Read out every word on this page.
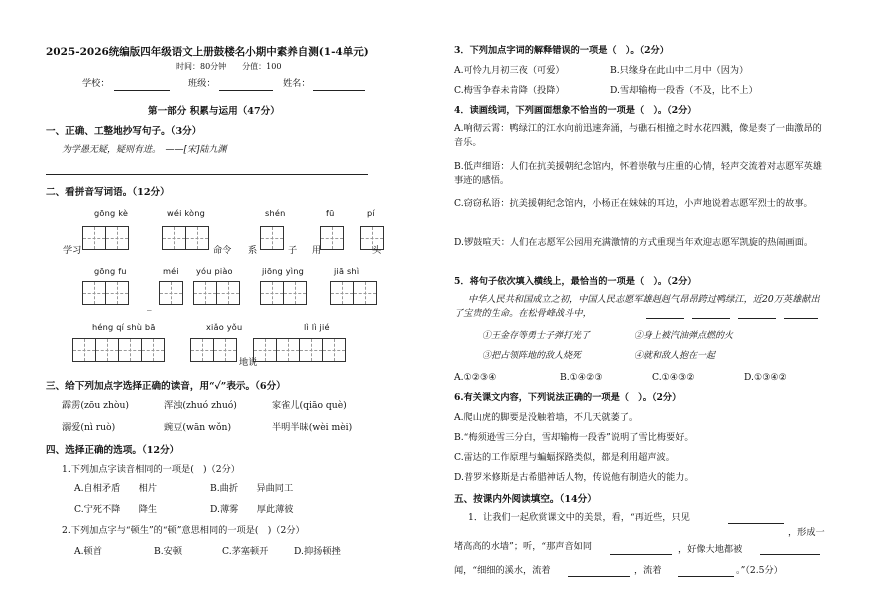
2025-2026统编版四年级语文上册鼓楼名小期中素养自测(1-4单元)
时间：80分钟　　分值：100
学校：	班级：	姓名：
第一部分 积累与运用（47分）
一、正确、工整地抄写句子。（3分）
为学愚无疑，疑则有进。　——[宋]陆九渊
二、看拼音写词语。（12分）
gōng kè	wéi kòng	shén	fū	pí
学习	命令 系	子 用	头
gōng fu	méi yóu piào	jiōng yìng	jiā shì
_
héng qí shù bā	xiǎo yǒu	lì lì jié
地说
三、给下列加点字选择正确的读音，用“✓”表示。（6分）
霹雳(zōu zhòu)	浑浊(zhuó zhuó)	家雀儿(qiāo què)
溺爱(nì ruò)	豌豆(wān wǒn)	半明半昧(wèi mèi)
四、选择正确的选项。（12分）
1.下列加点字读音相同的一项是(　)（2分）
A.自相矛盾　　相片	B.曲折　　异曲同工
C.宁死不降　　降生	D.薄雾　　厚此薄彼
2.下列加点字与“顿生”的“顿”意思相同的一项是(　)（2分）
A.顿首	B.安顿	C.茅塞顿开	D.抑扬顿挫
3．下列加点字词的解释错误的一项是（　）。（2分）
A.可怜九月初三夜（可爱）	B.只缘身在此山中二月中（因为）
C.梅雪争春未肯降（投降）	D.雪却输梅一段香（不及，比不上）
4．读画线词，下列画面想象不恰当的一项是（　）。（2分）
A.响彻云霄：鸭绿江的江水向前迅速奔涌，与礁石相撞之时水花四溅，像是奏了一曲激昂的音乐。
B.低声细语：人们在抗美援朝纪念馆内，怀着崇敬与庄重的心情，轻声交流着对志愿军英雄事迹的感悟。
C.窃窃私语：抗美援朝纪念馆内，小杨正在妹妹的耳边，小声地说着志愿军烈士的故事。
D.锣鼓喧天：人们在志愿军公园用充满激情的方式重现当年欢迎志愿军凯旋的热闹画面。
5．将句子依次填入横线上，最恰当的一项是（　）。（2分）
中华人民共和国成立之初，中国人民志愿军雄赳赳气昂昂跨过鸭绿江，近20万英雄献出了宝贵的生命。在松骨峰战斗中，
①王金存等勇士子弹打光了	②身上被汽油弹点燃的火
③把占领阵地的敌人烧死	④就和敌人抱在一起
A.①②③④	B.①④②③	C.①④③②	D.①③④②
6.有关课文内容，下列说法正确的一项是（　）。（2分）
A.爬山虎的脚要是没触着墙，不几天就萎了。
B.“梅须逊雪三分白，雪却输梅一段香”说明了雪比梅要好。
C.雷达的工作原理与蝙蝠探路类似，都是利用超声波。
D.普罗米修斯是古希腊神话人物，传说他有制造火的能力。
五、按课内外阅读填空。（14分）
1．让我们一起欣赏课文中的美景，看，“再近些，只见
，形成一堵高高的水墙”；听，“那声音如同	，好像大地都被
闻，“细细的溪水，流着	，流着	。”（2.5分）
